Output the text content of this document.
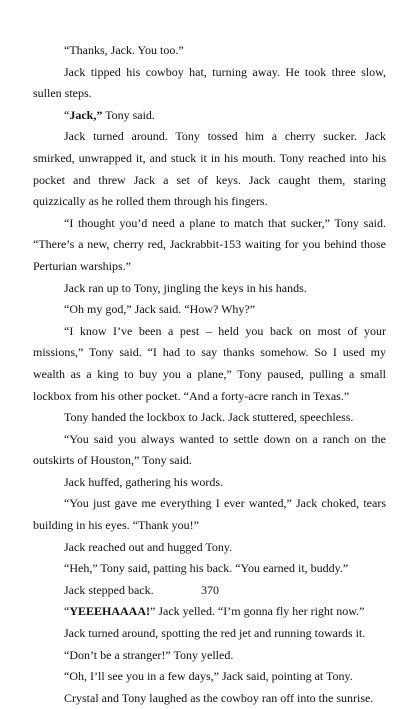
“Thanks, Jack. You too.”

Jack tipped his cowboy hat, turning away. He took three slow, sullen steps.

“Jack,” Tony said.

Jack turned around. Tony tossed him a cherry sucker. Jack smirked, unwrapped it, and stuck it in his mouth. Tony reached into his pocket and threw Jack a set of keys. Jack caught them, staring quizzically as he rolled them through his fingers.

“I thought you’d need a plane to match that sucker,” Tony said. “There’s a new, cherry red, Jackrabbit-153 waiting for you behind those Perturian warships.”

Jack ran up to Tony, jingling the keys in his hands.

“Oh my god,” Jack said. “How? Why?”

“I know I’ve been a pest – held you back on most of your missions,” Tony said. “I had to say thanks somehow. So I used my wealth as a king to buy you a plane,” Tony paused, pulling a small lockbox from his other pocket. “And a forty-acre ranch in Texas.”

Tony handed the lockbox to Jack. Jack stuttered, speechless.

“You said you always wanted to settle down on a ranch on the outskirts of Houston,” Tony said.

Jack huffed, gathering his words.

“You just gave me everything I ever wanted,” Jack choked, tears building in his eyes. “Thank you!”

Jack reached out and hugged Tony.

“Heh,” Tony said, patting his back. “You earned it, buddy.”

Jack stepped back.

“YEEEHAAAA!” Jack yelled. “I’m gonna fly her right now.”

Jack turned around, spotting the red jet and running towards it.

“Don’t be a stranger!” Tony yelled.

“Oh, I’ll see you in a few days,” Jack said, pointing at Tony.

Crystal and Tony laughed as the cowboy ran off into the sunrise.

370
